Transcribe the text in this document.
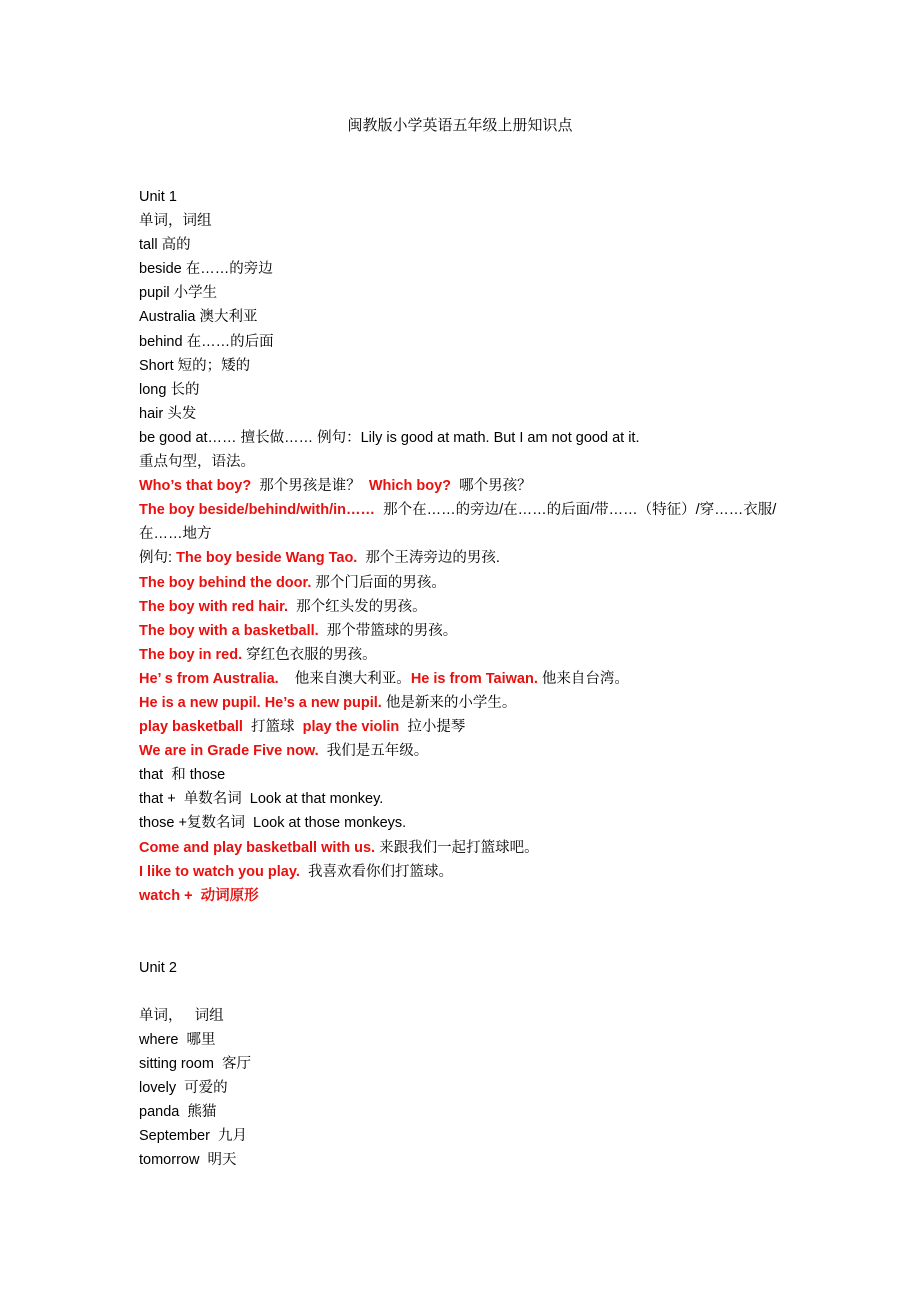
闽教版小学英语五年级上册知识点
Unit 1
单词，词组
tall 高的
beside 在……的旁边
pupil 小学生
Australia 澳大利亚
behind 在……的后面
Short 短的；矮的
long 长的
hair 头发
be good at…… 擅长做…… 例句：Lily is good at math. But I am not good at it.
重点句型，语法。
Who’s that boy?  那个男孩是谁？  Which boy?  哪个男孩？
The boy beside/behind/with/in……  那个在……的旁边/在……的后面/带……（特征）/穿……衣服/在……地方
例句: The boy beside Wang Tao.  那个王涛旁边的男孩.
The boy behind the door. 那个门后面的男孩。
The boy with red hair.  那个红头发的男孩。
The boy with a basketball.  那个带篮球的男孩。
The boy in red. 穿红色衣服的男孩。
He’ s from Australia.    他来自澳大利亚。He is from Taiwan. 他来自台湾。
He is a new pupil. He’s a new pupil. 他是新来的小学生。
play basketball  打篮球  play the violin  拉小提琴
We are in Grade Five now.  我们是五年级。
that  和 those
that +  单数名词  Look at that monkey.
those +复数名词  Look at those monkeys.
Come and play basketball with us. 来跟我们一起打篮球吧。
I like to watch you play.  我喜欢看你们打篮球。
watch +  动词原形
Unit 2
单词，   词组
where  哪里
sitting room  客厅
lovely  可爱的
panda  熊猫
September  九月
tomorrow  明天
